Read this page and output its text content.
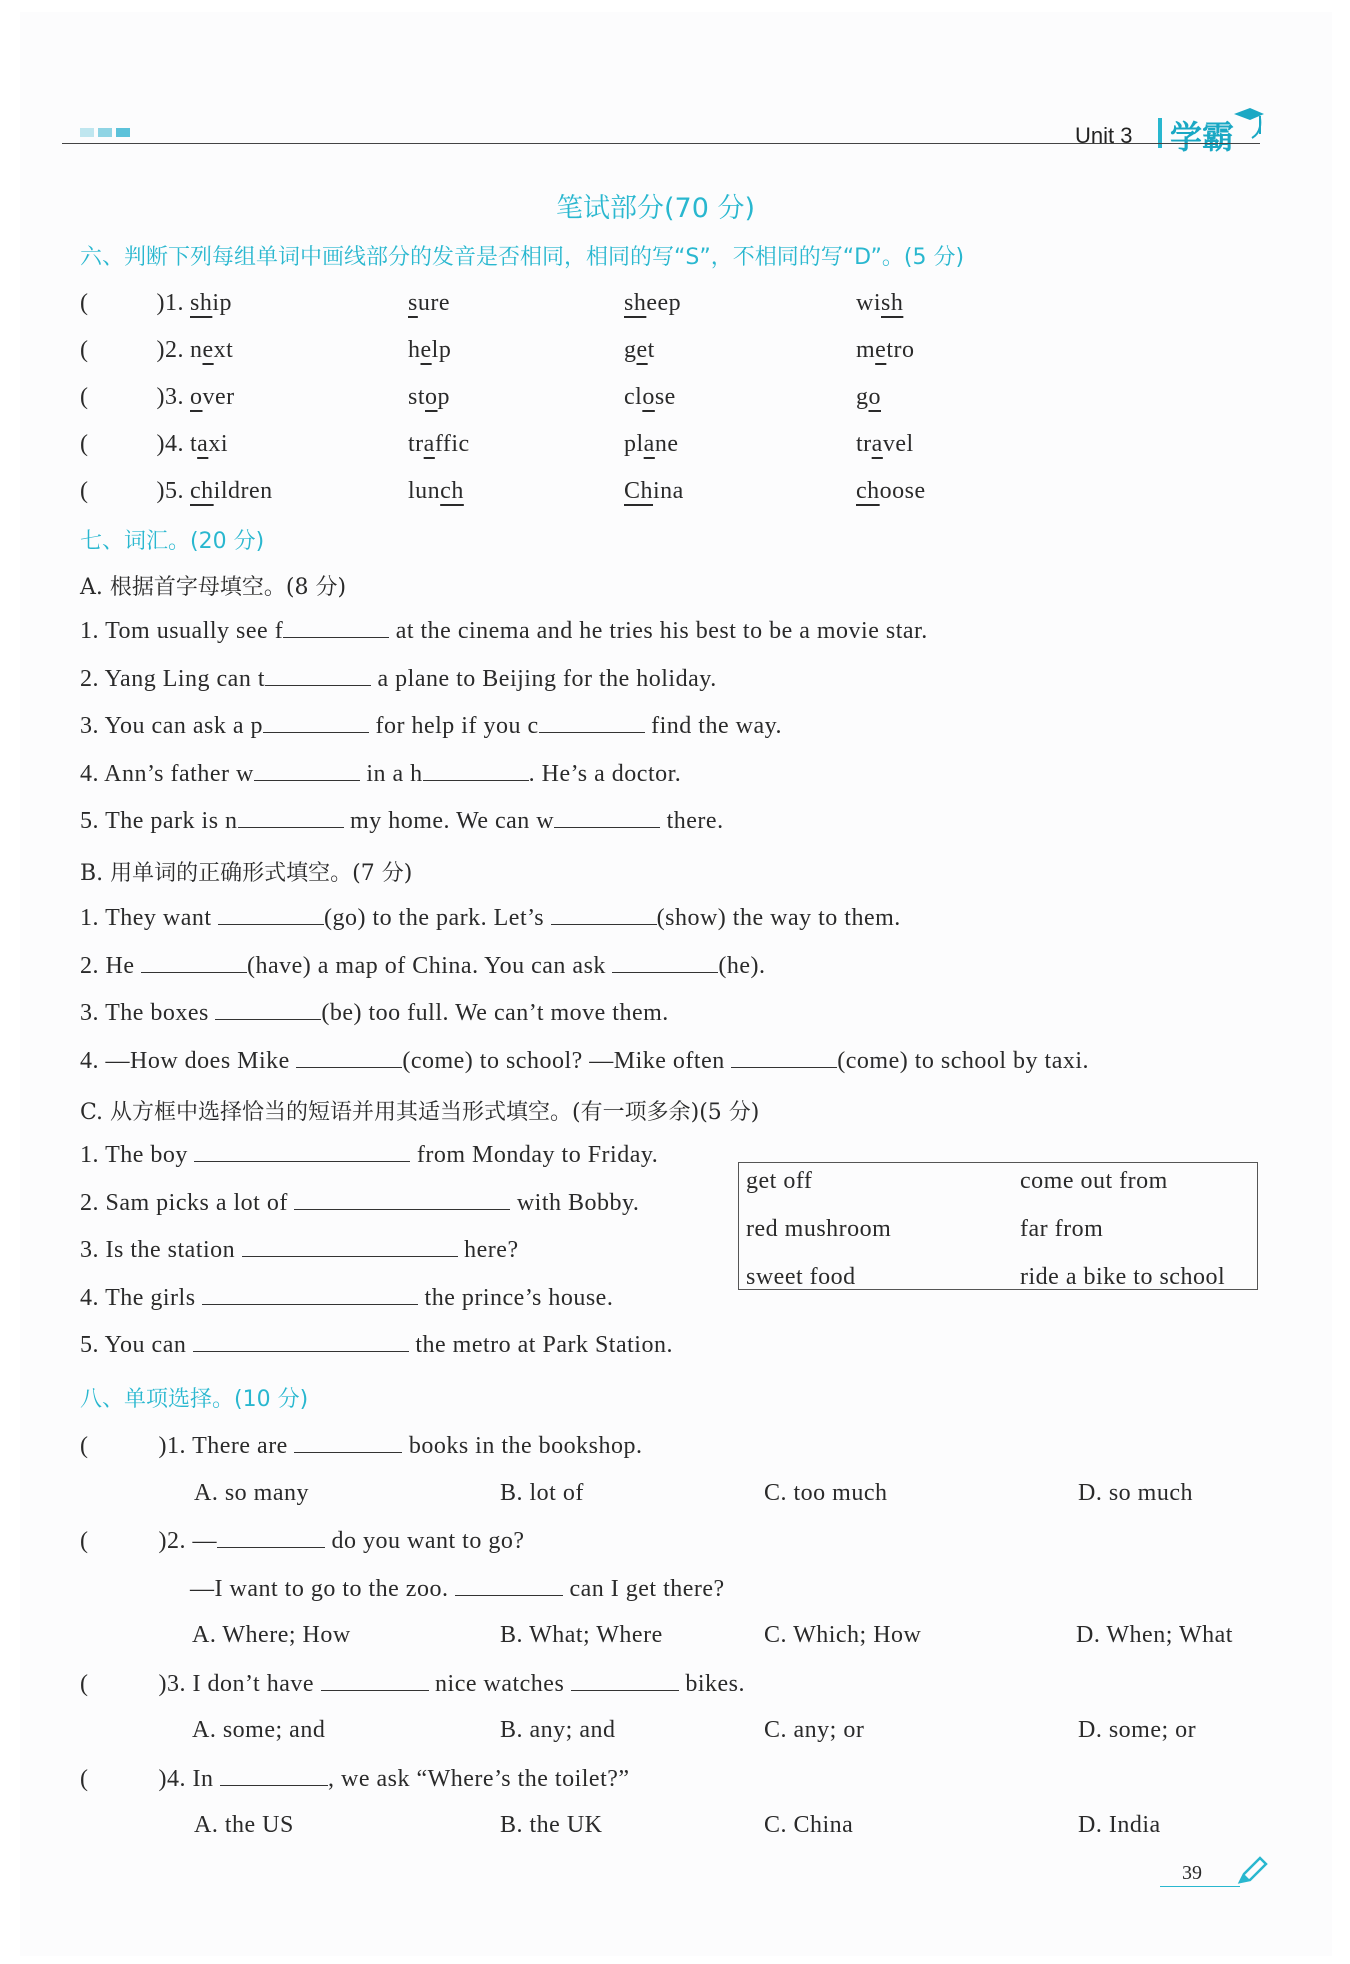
Unit 3 学霸
笔试部分(70 分)
六、判断下列每组单词中画线部分的发音是否相同，相同的写“S”，不相同的写“D”。(5 分)
(	)1. ship	sure	sheep	wish
(	)2. next	help	get	metro
(	)3. over	stop	close	go
(	)4. taxi	traffic	plane	travel
(	)5. children	lunch	China	choose
七、词汇。(20 分)
A. 根据首字母填空。(8 分)
1. Tom usually see f	at the cinema and he tries his best to be a movie star.
2. Yang Ling can t	a plane to Beijing for the holiday.
3. You can ask a p	for help if you c	find the way.
4. Ann’s father w	in a h	. He’s a doctor.
5. The park is n	my home. We can w	there.
B. 用单词的正确形式填空。(7 分)
1. They want	(go) to the park. Let’s	(show) the way to them.
2. He	(have) a map of China. You can ask	(he).
3. The boxes	(be) too full. We can’t move them.
4. —How does Mike	(come) to school? —Mike often	(come) to school by taxi.
C. 从方框中选择恰当的短语并用其适当形式填空。(有一项多余)(5 分)
1. The boy	from Monday to Friday.
2. Sam picks a lot of	with Bobby.
3. Is the station	here?
4. The girls	the prince’s house.
5. You can	the metro at Park Station.
get off	come out from
red mushroom	far from
sweet food	ride a bike to school
八、单项选择。(10 分)
(	)1. There are	books in the bookshop.
A. so many	B. lot of	C. too much	D. so much
(	)2. —	do you want to go?
—I want to go to the zoo.	can I get there?
A. Where; How	B. What; Where	C. Which; How	D. When; What
(	)3. I don’t have	nice watches	bikes.
A. some; and	B. any; and	C. any; or	D. some; or
(	)4. In	, we ask “Where’s the toilet?”
A. the US	B. the UK	C. China	D. India
39
